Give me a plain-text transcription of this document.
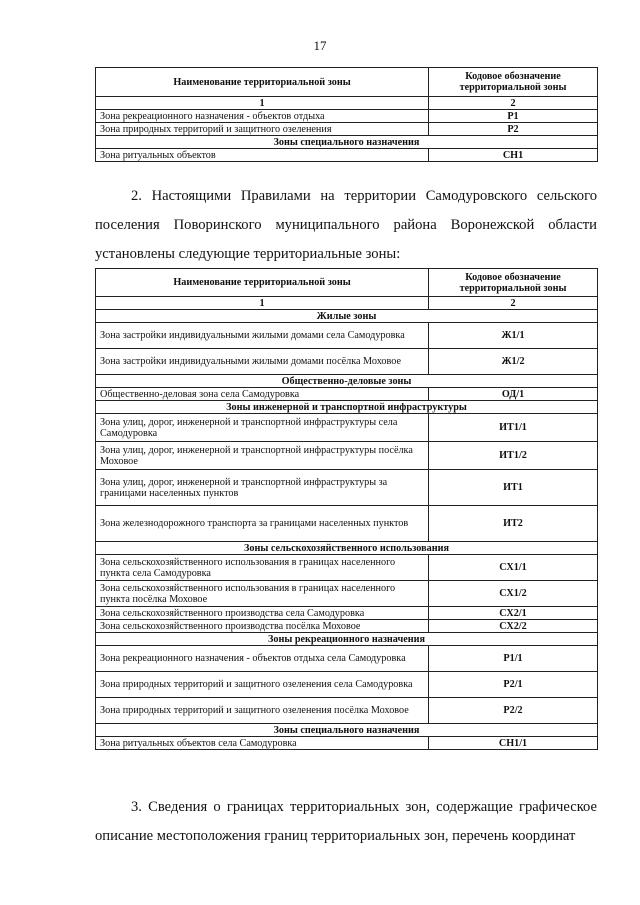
17
Наименование территориальной зоны	Кодовое обозначение территориальной зоны
1	2
Зона рекреационного назначения - объектов отдыха	Р1
Зона природных территорий и защитного озеленения	Р2
Зоны специального назначения	
Зона ритуальных объектов	СН1

2. Настоящими Правилами на территории Самодуровского сельского поселения Поворинского муниципального района Воронежской области установлены следующие территориальные зоны:

Наименование территориальной зоны	Кодовое обозначение территориальной зоны
1	2
Жилые зоны	
Зона застройки индивидуальными жилыми домами села Самодуровка	Ж1/1
Зона застройки индивидуальными жилыми домами посёлка Моховое	Ж1/2
Общественно-деловые зоны	
Общественно-деловая зона села Самодуровка	ОД/1
Зоны инженерной и транспортной инфраструктуры	
Зона улиц, дорог, инженерной и транспортной инфраструктуры села Самодуровка	ИТ1/1
Зона улиц, дорог, инженерной и транспортной инфраструктуры посёлка Моховое	ИТ1/2
Зона улиц, дорог, инженерной и транспортной инфраструктуры за границами населенных пунктов	ИТ1
Зона железнодорожного транспорта за границами населенных пунктов	ИТ2
Зоны сельскохозяйственного использования	
Зона сельскохозяйственного использования в границах населенного пункта села Самодуровка	СХ1/1
Зона сельскохозяйственного использования в границах населенного пункта посёлка Моховое	СХ1/2
Зона сельскохозяйственного производства села Самодуровка	СХ2/1
Зона сельскохозяйственного производства посёлка Моховое	СХ2/2
Зоны рекреационного назначения	
Зона рекреационного назначения - объектов отдыха села Самодуровка	Р1/1
Зона природных территорий и защитного озеленения села Самодуровка	Р2/1
Зона природных территорий и защитного озеленения посёлка Моховое	Р2/2
Зоны специального назначения	
Зона ритуальных объектов села Самодуровка	СН1/1

3. Сведения о границах территориальных зон, содержащие графическое описание местоположения границ территориальных зон, перечень координат
